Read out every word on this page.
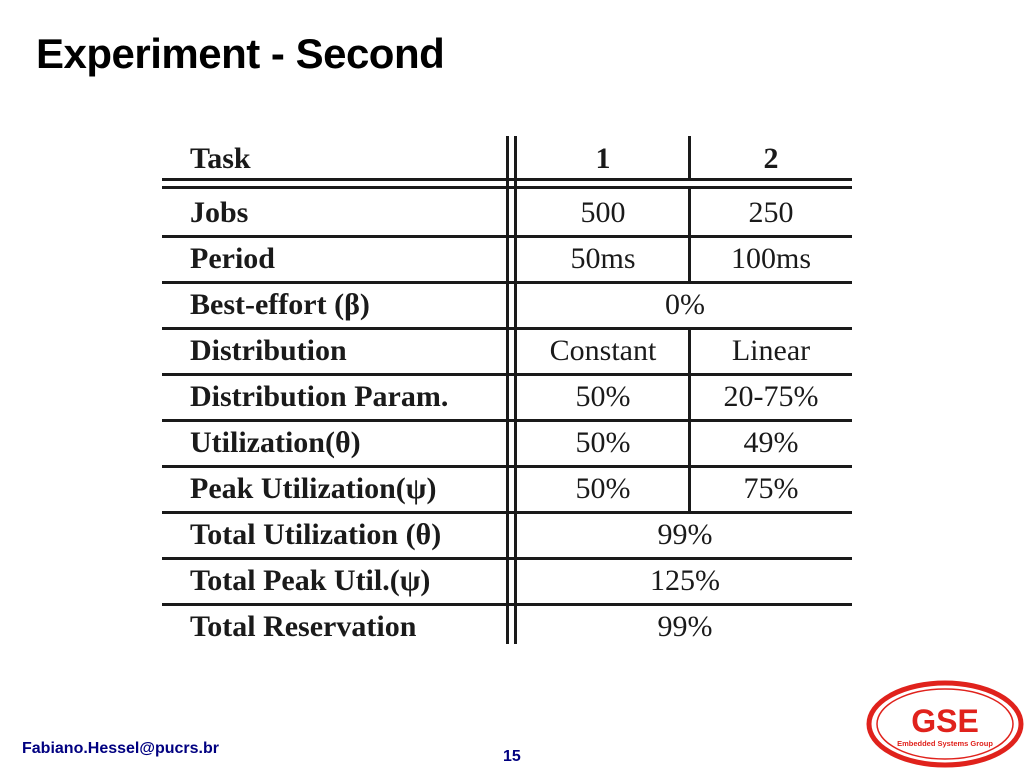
Experiment - Second
Task	1	2
Jobs	500	250
Period	50ms	100ms
Best-effort (β)	0%
Distribution	Constant	Linear
Distribution Param.	50%	20-75%
Utilization(θ)	50%	49%
Peak Utilization(ψ)	50%	75%
Total Utilization (θ)	99%
Total Peak Util.(ψ)	125%
Total Reservation	99%
Fabiano.Hessel@pucrs.br	15
GSE
Embedded Systems Group
